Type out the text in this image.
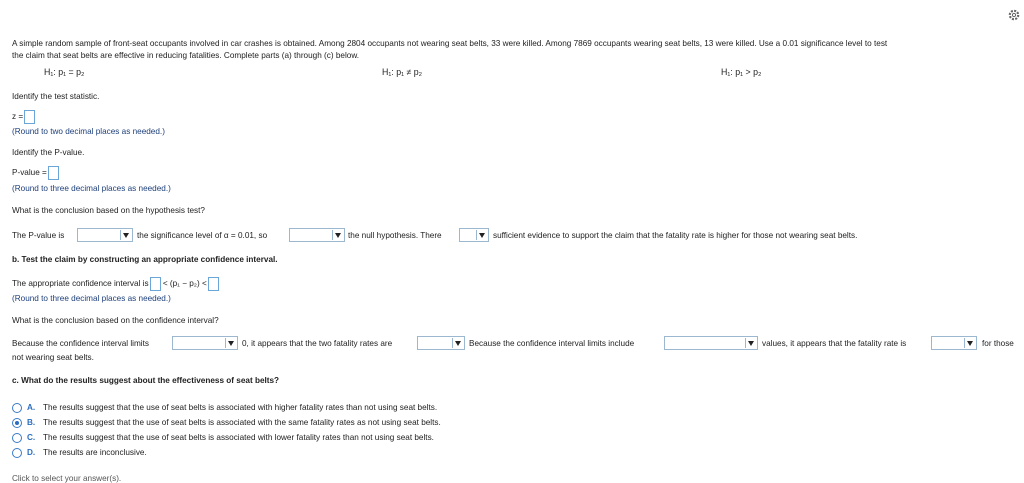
A simple random sample of front-seat occupants involved in car crashes is obtained. Among 2804 occupants not wearing seat belts, 33 were killed. Among 7869 occupants wearing seat belts, 13 were killed. Use a 0.01 significance level to test
the claim that seat belts are effective in reducing fatalities. Complete parts (a) through (c) below.
H₁: p₁ = p₂	H₁: p₁ ≠ p₂	H₁: p₁ > p₂
Identify the test statistic.
z =
(Round to two decimal places as needed.)
Identify the P-value.
P-value =
(Round to three decimal places as needed.)
What is the conclusion based on the hypothesis test?
The P-value is	the significance level of α = 0.01, so	the null hypothesis. There	sufficient evidence to support the claim that the fatality rate is higher for those not wearing seat belts.
b. Test the claim by constructing an appropriate confidence interval.
The appropriate confidence interval is < (p₁ − p₂) <
(Round to three decimal places as needed.)
What is the conclusion based on the confidence interval?
Because the confidence interval limits	0, it appears that the two fatality rates are	Because the confidence interval limits include	values, it appears that the fatality rate is	for those
not wearing seat belts.
c. What do the results suggest about the effectiveness of seat belts?
A. The results suggest that the use of seat belts is associated with higher fatality rates than not using seat belts.
B. The results suggest that the use of seat belts is associated with the same fatality rates as not using seat belts.
C. The results suggest that the use of seat belts is associated with lower fatality rates than not using seat belts.
D. The results are inconclusive.
Click to select your answer(s).
